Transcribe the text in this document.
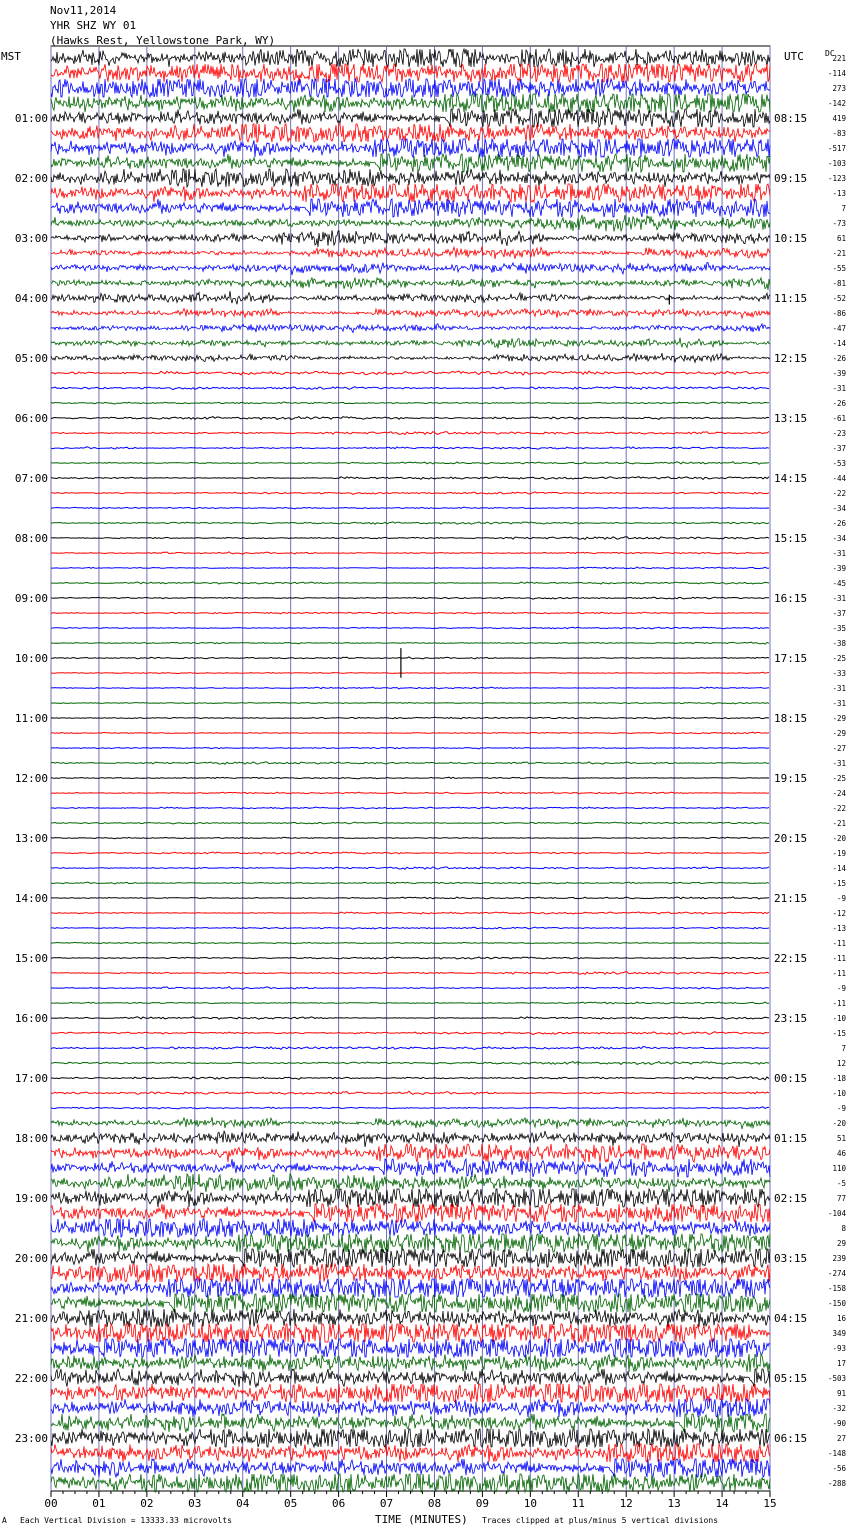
Nov11,2014
YHR SHZ WY 01
(Hawks Rest, Yellowstone Park, WY)
MST	UTC	DC
00	01	02	03	04	05	06	07	08	09	10	11	12	13	14	15
221
-114
273
-142
419
01:00	08:15
-83
-517
-103
-123
02:00	09:15
-13
7
-73
61
03:00	10:15
-21
-55
-81
-52
04:00	11:15
-86
-47
-14
-26
05:00	12:15
-39
-31
-26
-61
06:00	13:15
-23
-37
-53
-44
07:00	14:15
-22
-34
-26
-34
08:00	15:15
-31
-39
-45
-31
09:00	16:15
-37
-35
-38
-25
10:00	17:15
-33
-31
-31
-29
11:00	18:15
-29
-27
-31
-25
12:00	19:15
-24
-22
-21
-20
13:00	20:15
-19
-14
-15
-9
14:00	21:15
-12
-13
-11
-11
15:00	22:15
-11
-9
-11
-10
16:00	23:15
-15
7
12
-18
17:00	00:15
-10
-9
-20
51
18:00	01:15
46
110
-5
77
19:00	02:15
-104
8
29
239
20:00	03:15
-274
-158
-150
16
21:00	04:15
349
-93
17
-503
22:00	05:15
91
-32
-90
27
23:00	06:15
-148
-56
-288
A Each Vertical Division = 13333.33 microvolts	TIME (MINUTES) Traces clipped at plus/minus 5 vertical divisions
